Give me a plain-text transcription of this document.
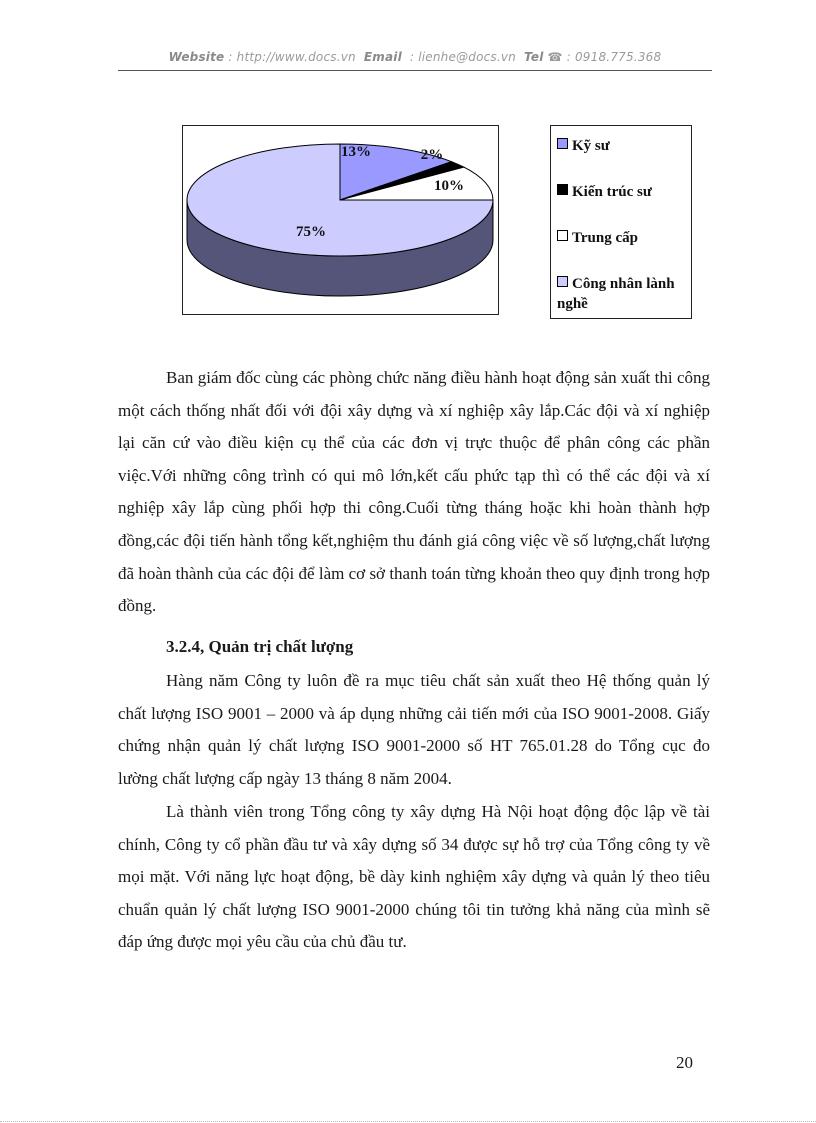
Website : http://www.docs.vn Email : lienhe@docs.vn Tel ☎ : 0918.775.368
13%	2%
10%
75%
Kỹ sư
Kiến trúc sư
Trung cấp
Công nhân lành nghề

Ban giám đốc cùng các phòng chức năng điều hành hoạt động sản xuất thi công một cách thống nhất đối với đội xây dựng và xí nghiệp xây lắp.Các đội và xí nghiệp lại căn cứ vào điều kiện cụ thể của các đơn vị trực thuộc để phân công các phần việc.Với những công trình có qui mô lớn,kết cấu phức tạp thì có thể các đội và xí nghiệp xây lắp cùng phối hợp thi công.Cuối từng tháng hoặc khi hoàn thành hợp đồng,các đội tiến hành tổng kết,nghiệm thu đánh giá công việc về số lượng,chất lượng đã hoàn thành của các đội để làm cơ sở thanh toán từng khoản theo quy định trong hợp đồng.

3.2.4, Quản trị chất lượng

Hàng năm Công ty luôn đề ra mục tiêu chất sản xuất theo Hệ thống quản lý chất lượng ISO 9001 – 2000 và áp dụng những cải tiến mới của ISO 9001-2008. Giấy chứng nhận quản lý chất lượng ISO 9001-2000 số HT 765.01.28 do Tổng cục đo lường chất lượng cấp ngày 13 tháng 8 năm 2004.

Là thành viên trong Tổng công ty xây dựng Hà Nội hoạt động độc lập về tài chính, Công ty cổ phần đầu tư và xây dựng số 34 được sự hỗ trợ của Tổng công ty về mọi mặt. Với năng lực hoạt động, bề dày kinh nghiệm xây dựng và quản lý theo tiêu chuẩn quản lý chất lượng ISO 9001-2000 chúng tôi tin tưởng khả năng của mình sẽ đáp ứng được mọi yêu cầu của chủ đầu tư.

20
